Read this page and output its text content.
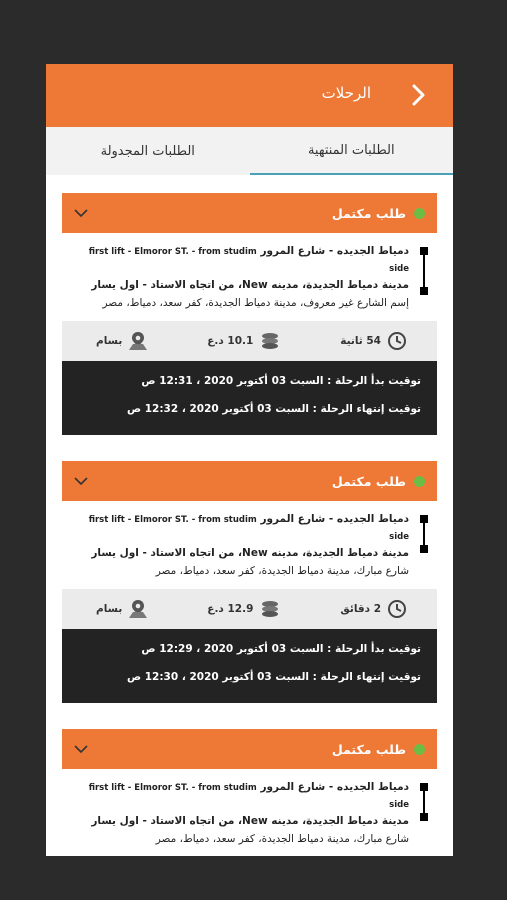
الرحلات
الطلبات المنتهية
الطلبات المجدولة
طلب مكتمل
دمياط الجديده - شارع المرور first lift - Elmoror ST. - from studim side
مدينة دمياط الجديدة، مدينه New، من اتجاه الاستاد - اول يسار
إسم الشارع غير معروف، مدينة دمياط الجديدة، كفر سعد، دمياط، مصر
54 ثانية
10.1 د.ع
بسام
توقيت بدأ الرحلة : السبت 03 أكتوبر 2020 ، 12:31 ص
توقيت إنتهاء الرحلة : السبت 03 أكتوبر 2020 ، 12:32 ص
طلب مكتمل
دمياط الجديده - شارع المرور first lift - Elmoror ST. - from studim side
مدينة دمياط الجديدة، مدينه New، من اتجاه الاستاد - اول يسار
شارع مبارك، مدينة دمياط الجديدة، كفر سعد، دمياط، مصر
2 دقائق
12.9 د.ع
بسام
توقيت بدأ الرحلة : السبت 03 أكتوبر 2020 ، 12:29 ص
توقيت إنتهاء الرحلة : السبت 03 أكتوبر 2020 ، 12:30 ص
طلب مكتمل
دمياط الجديده - شارع المرور first lift - Elmoror ST. - from studim side
مدينة دمياط الجديدة، مدينه New، من اتجاه الاستاد - اول يسار
شارع مبارك، مدينة دمياط الجديدة، كفر سعد، دمياط، مصر
